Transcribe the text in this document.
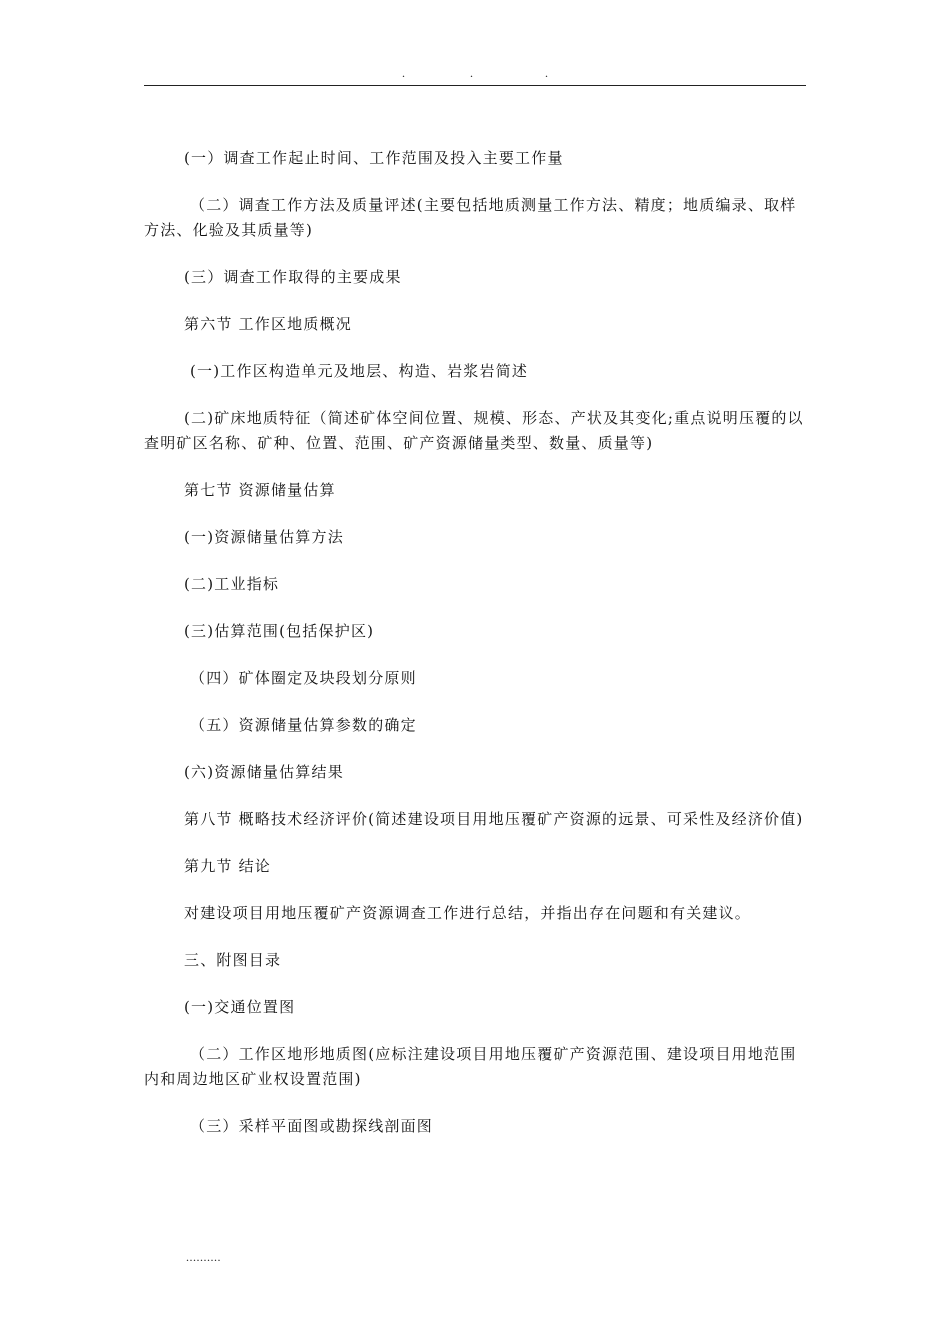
.	.	.

(一）调查工作起止时间、工作范围及投入主要工作量

（二）调查工作方法及质量评述(主要包括地质测量工作方法、精度；地质编录、取样方法、化验及其质量等)

(三）调查工作取得的主要成果

第六节 工作区地质概况

(一)工作区构造单元及地层、构造、岩浆岩简述

(二)矿床地质特征（简述矿体空间位置、规模、形态、产状及其变化;重点说明压覆的以查明矿区名称、矿种、位置、范围、矿产资源储量类型、数量、质量等)

第七节 资源储量估算

(一)资源储量估算方法

(二)工业指标

(三)估算范围(包括保护区)

（四）矿体圈定及块段划分原则

（五）资源储量估算参数的确定

(六)资源储量估算结果

第八节 概略技术经济评价(简述建设项目用地压覆矿产资源的远景、可采性及经济价值)

第九节 结论

对建设项目用地压覆矿产资源调查工作进行总结，并指出存在问题和有关建议。

三、附图目录

(一)交通位置图

（二）工作区地形地质图(应标注建设项目用地压覆矿产资源范围、建设项目用地范围内和周边地区矿业权设置范围)

（三）采样平面图或勘探线剖面图

..........
